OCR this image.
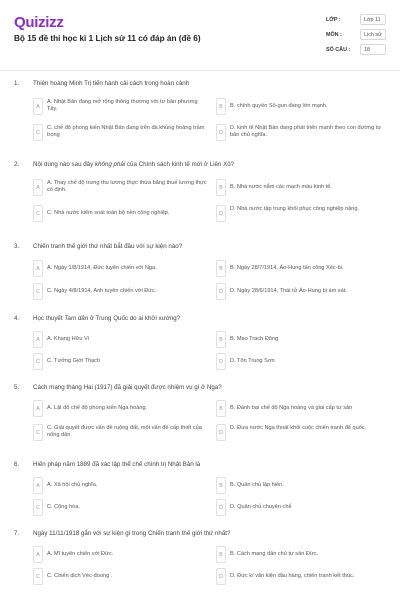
Quizizz
Bộ 15 đề thi học kì 1 Lịch sử 11 có đáp án (đề 6)
LỚP :	Lớp 11
MÔN :	Lịch sử
SỐ CÂU :	18
1. Thiên hoàng Minh Trị tiến hành cải cách trong hoàn cảnh
A
A. Nhật Bản đang mở rộng thông thương với tư bản phương Tây.	B	B. chính quyền Sô-gun đang lớn mạnh.
C
C. chế độ phong kiến Nhật Bản đang trên đà khủng hoảng trầm trọng	D
D. kinh tế Nhật Bản đang phát triển mạnh theo con đường tư bản chủ nghĩa.
2. Nội dung nào sau đây không phải của Chính sách kinh tế mới ở Liên Xô?
A
A. Thay chế độ trưng thu lương thực thừa bằng thuế lương thực cố định.	B	B. Nhà nước nắm các mạch máu kinh tế.
C	C. Nhà nước kiểm soát toàn bộ nền công nghiệp.	D
D. Nhà nước tập trung khôi phục công nghiệp nặng.
3. Chiến tranh thế giới thứ nhất bắt đầu với sự kiện nào?
A	A. Ngày 1/8/1914, Đức tuyên chiến với Nga.	B	B. Ngày 28/7/1914, Áo-Hung tấn công Xéc-bi.
C	C. Ngày 4/8/1914, Anh tuyên chiến với Đức.	D	D. Ngày 28/6/1914, Thái tử Áo-Hung bị ám sát.
4. Học thuyết Tam dân ở Trung Quốc do ai khởi xướng?
A	A. Khang Hữu Vi	B	B. Mao Trạch Đông
C	C. Tưởng Giới Thạch	D	D. Tôn Trung Sơn
5. Cách mạng tháng Hai (1917) đã giải quyết được nhiệm vụ gì ở Nga?
A	A. Lật đổ chế độ phong kiến Nga hoàng.	B	B. Đánh bại chế độ Nga hoàng và giai cấp tư sản
C
C. Giải quyết được vấn đề ruộng đất, một vấn đề cấp thiết của nông dân	D
D. Đưa nước Nga thoát khỏi cuộc chiến tranh đế quốc.
6. Hiến pháp năm 1889 đã xác lập thể chế chính trị Nhật Bản là
A	A. Xã hội chủ nghĩa.	B	B. Quân chủ lập hiến.
C	C. Cộng hòa.	D	D. Quân chủ chuyên chế
7. Ngày 11/11/1918 gắn với sự kiện gì trong Chiến tranh thế giới thứ nhất?
A	A. Mĩ tuyên chiến với Đức.	B	B. Cách mạng dân chủ tư sản Đức.
C	C. Chiến dịch Véc-đoong .	D	D. Đức kí văn kiện đầu hàng, chiến tranh kết thúc.
